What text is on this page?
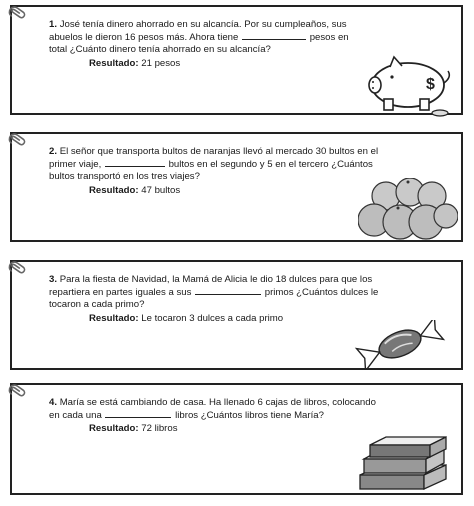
1. José tenía dinero ahorrado en su alcancía. Por su cumpleaños, sus abuelos le dieron 16 pesos más. Ahora tiene	pesos en total ¿Cuánto dinero tenía ahorrado en su alcancía?
Resultado: 21 pesos
$
2. El señor que transporta bultos de naranjas llevó al mercado 30 bultos en el primer viaje,	bultos en el segundo y 5 en el tercero ¿Cuántos bultos transportó en los tres viajes?
Resultado: 47 bultos
3. Para la fiesta de Navidad, la Mamá de Alicia le dio 18 dulces para que los repartiera en partes iguales a sus	primos ¿Cuántos dulces le tocaron a cada primo?
Resultado: Le tocaron 3 dulces a cada primo
4. María se está cambiando de casa. Ha llenado 6 cajas de libros, colocando en cada una	libros ¿Cuántos libros tiene María?
Resultado: 72 libros
